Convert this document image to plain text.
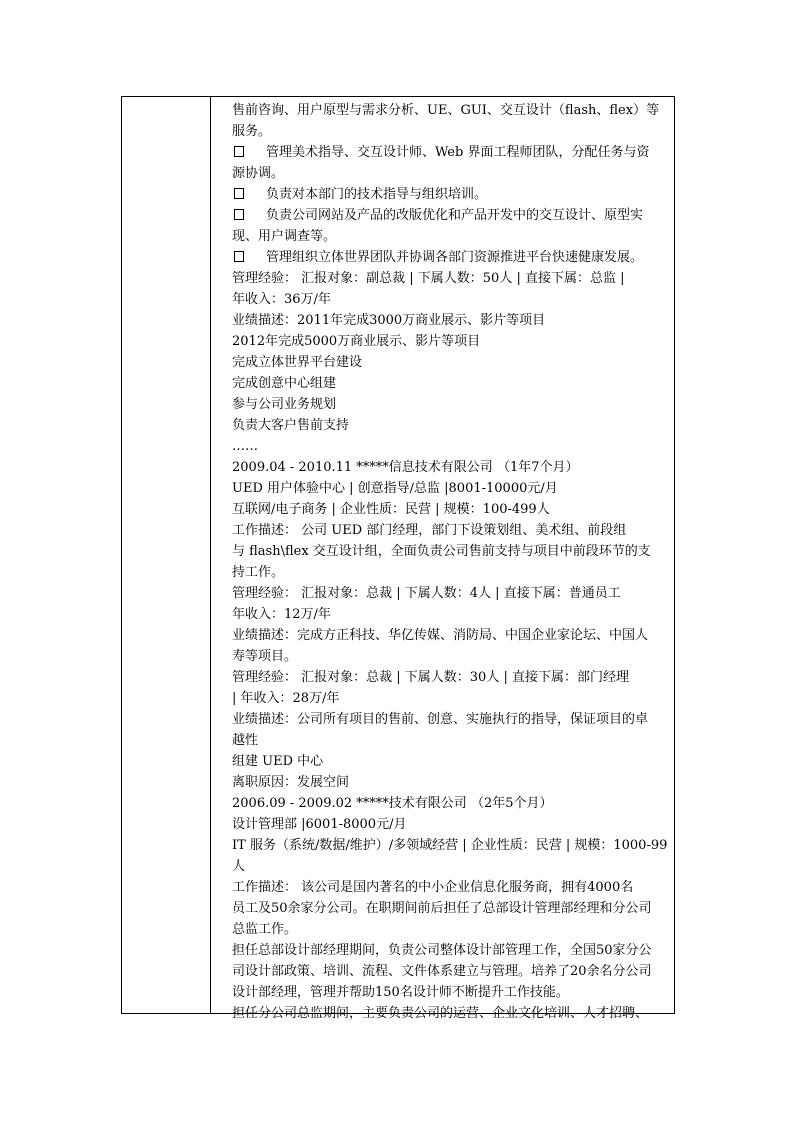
售前咨询、用户原型与需求分析、UE、GUI、交互设计（flash、flex）等
服务。
管理美术指导、交互设计师、Web 界面工程师团队，分配任务与资
源协调。
负责对本部门的技术指导与组织培训。
负责公司网站及产品的改版优化和产品开发中的交互设计、原型实
现、用户调查等。
管理组织立体世界团队并协调各部门资源推进平台快速健康发展。
管理经验： 汇报对象：副总裁 | 下属人数：50人 | 直接下属：总监 |
年收入：36万/年
业绩描述：2011年完成3000万商业展示、影片等项目
2012年完成5000万商业展示、影片等项目
完成立体世界平台建设
完成创意中心组建
参与公司业务规划
负责大客户售前支持
……
2009.04 - 2010.11 *****信息技术有限公司 （1年7个月）
UED 用户体验中心 | 创意指导/总监 |8001-10000元/月
互联网/电子商务 | 企业性质：民营 | 规模：100-499人
工作描述： 公司 UED 部门经理，部门下设策划组、美术组、前段组
与 flash\flex 交互设计组，全面负责公司售前支持与项目中前段环节的支
持工作。
管理经验： 汇报对象：总裁 | 下属人数：4人 | 直接下属：普通员工
年收入：12万/年
业绩描述：完成方正科技、华亿传媒、消防局、中国企业家论坛、中国人
寿等项目。
管理经验： 汇报对象：总裁 | 下属人数：30人 | 直接下属：部门经理
| 年收入：28万/年
业绩描述：公司所有项目的售前、创意、实施执行的指导，保证项目的卓
越性
组建 UED 中心
离职原因：发展空间
2006.09 - 2009.02 *****技术有限公司 （2年5个月）
设计管理部 |6001-8000元/月
IT 服务（系统/数据/维护）/多领域经营 | 企业性质：民营 | 规模：1000-99
人
工作描述： 该公司是国内著名的中小企业信息化服务商，拥有4000名
员工及50余家分公司。在职期间前后担任了总部设计管理部经理和分公司
总监工作。
担任总部设计部经理期间，负责公司整体设计部管理工作，全国50家分公
司设计部政策、培训、流程、文件体系建立与管理。培养了20余名分公司
设计部经理，管理并帮助150名设计师不断提升工作技能。
担任分公司总监期间，主要负责公司的运营、企业文化培训、人才招聘、
